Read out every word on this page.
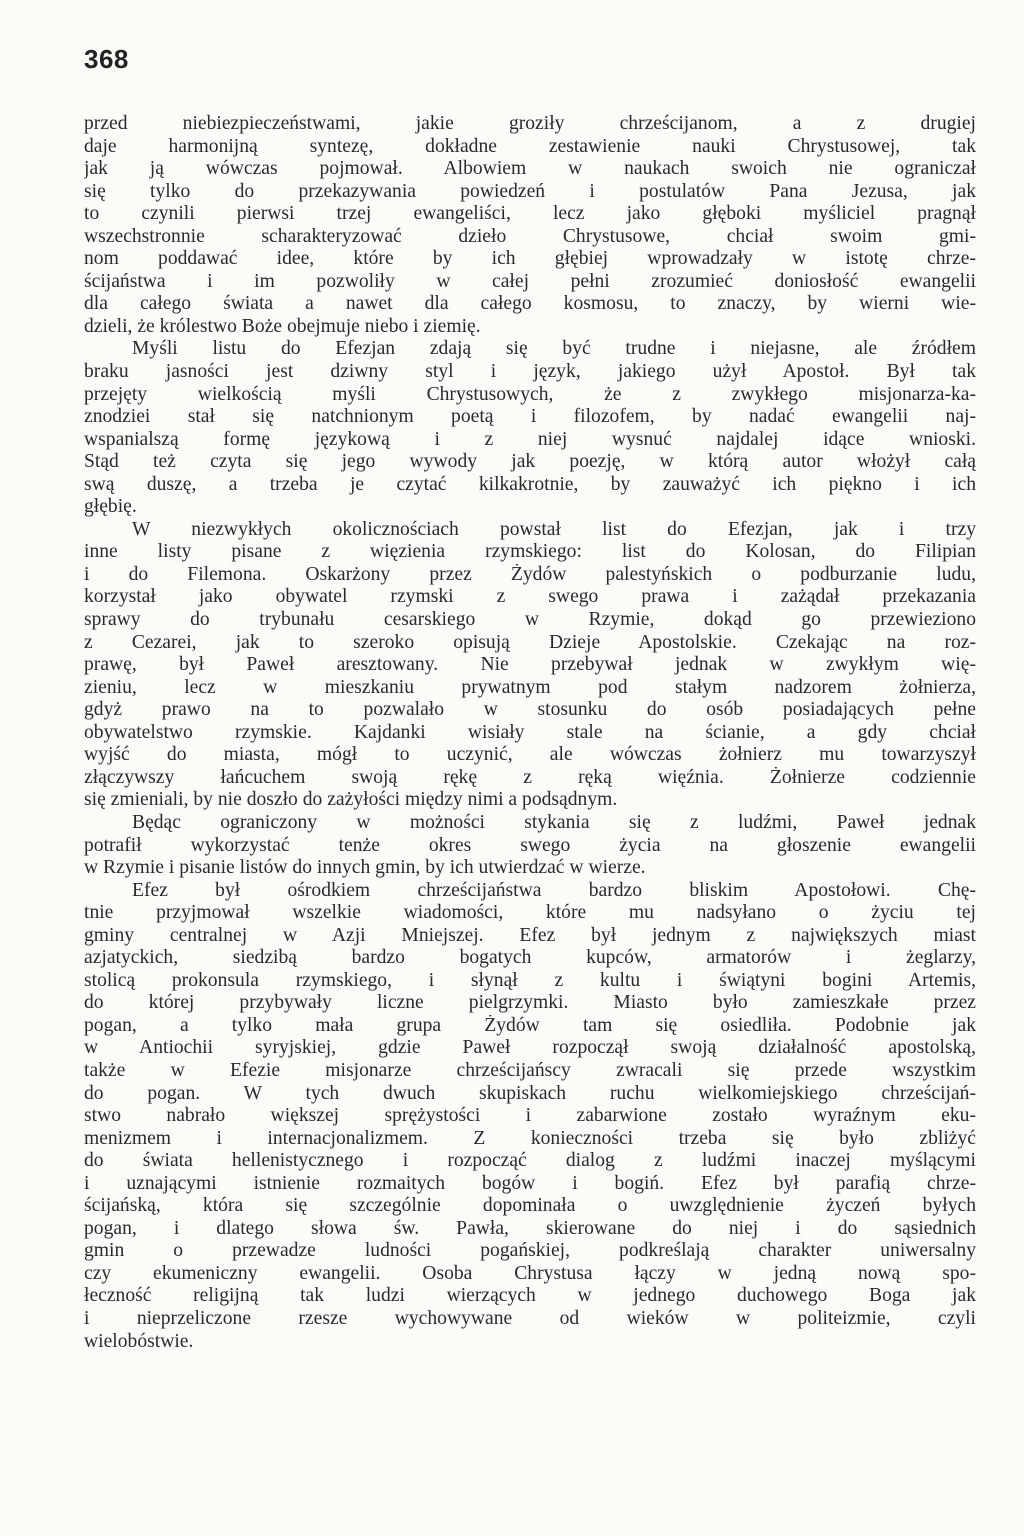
368
przed niebiezpieczeństwami, jakie groziły chrześcijanom, a z drugiej
daje harmonijną syntezę, dokładne zestawienie nauki Chrystusowej, tak
jak ją wówczas pojmował. Albowiem w naukach swoich nie ograniczał
się tylko do przekazywania powiedzeń i postulatów Pana Jezusa, jak
to czynili pierwsi trzej ewangeliści, lecz jako głęboki myśliciel pragnął
wszechstronnie scharakteryzować dzieło Chrystusowe, chciał swoim gmi-
nom poddawać idee, które by ich głębiej wprowadzały w istotę chrze-
ścijaństwa i im pozwoliły w całej pełni zrozumieć doniosłość ewangelii
dla całego świata a nawet dla całego kosmosu, to znaczy, by wierni wie-
dzieli, że królestwo Boże obejmuje niebo i ziemię.
Myśli listu do Efezjan zdają się być trudne i niejasne, ale źródłem
braku jasności jest dziwny styl i język, jakiego użył Apostoł. Był tak
przejęty wielkością myśli Chrystusowych, że z zwykłego misjonarza-ka-
znodziei stał się natchnionym poetą i filozofem, by nadać ewangelii naj-
wspanialszą formę językową i z niej wysnuć najdalej idące wnioski.
Stąd też czyta się jego wywody jak poezję, w którą autor włożył całą
swą duszę, a trzeba je czytać kilkakrotnie, by zauważyć ich piękno i ich
głębię.
W niezwykłych okolicznościach powstał list do Efezjan, jak i trzy
inne listy pisane z więzienia rzymskiego: list do Kolosan, do Filipian
i do Filemona. Oskarżony przez Żydów palestyńskich o podburzanie ludu,
korzystał jako obywatel rzymski z swego prawa i zażądał przekazania
sprawy do trybunału cesarskiego w Rzymie, dokąd go przewieziono
z Cezarei, jak to szeroko opisują Dzieje Apostolskie. Czekając na roz-
prawę, był Paweł aresztowany. Nie przebywał jednak w zwykłym wię-
zieniu, lecz w mieszkaniu prywatnym pod stałym nadzorem żołnierza,
gdyż prawo na to pozwalało w stosunku do osób posiadających pełne
obywatelstwo rzymskie. Kajdanki wisiały stale na ścianie, a gdy chciał
wyjść do miasta, mógł to uczynić, ale wówczas żołnierz mu towarzyszył
złączywszy łańcuchem swoją rękę z ręką więźnia. Żołnierze codziennie
się zmieniali, by nie doszło do zażyłości między nimi a podsądnym.
Będąc ograniczony w możności stykania się z ludźmi, Paweł jednak
potrafił wykorzystać tenże okres swego życia na głoszenie ewangelii
w Rzymie i pisanie listów do innych gmin, by ich utwierdzać w wierze.
Efez był ośrodkiem chrześcijaństwa bardzo bliskim Apostołowi. Chę-
tnie przyjmował wszelkie wiadomości, które mu nadsyłano o życiu tej
gminy centralnej w Azji Mniejszej. Efez był jednym z największych miast
azjatyckich, siedzibą bardzo bogatych kupców, armatorów i żeglarzy,
stolicą prokonsula rzymskiego, i słynął z kultu i świątyni bogini Artemis,
do której przybywały liczne pielgrzymki. Miasto było zamieszkałe przez
pogan, a tylko mała grupa Żydów tam się osiedliła. Podobnie jak
w Antiochii syryjskiej, gdzie Paweł rozpoczął swoją działalność apostolską,
także w Efezie misjonarze chrześcijańscy zwracali się przede wszystkim
do pogan. W tych dwuch skupiskach ruchu wielkomiejskiego chrześcijań-
stwo nabrało większej sprężystości i zabarwione zostało wyraźnym eku-
menizmem i internacjonalizmem. Z konieczności trzeba się było zbliżyć
do świata hellenistycznego i rozpocząć dialog z ludźmi inaczej myślącymi
i uznającymi istnienie rozmaitych bogów i bogiń. Efez był parafią chrze-
ścijańską, która się szczególnie dopominała o uwzględnienie życzeń byłych
pogan, i dlatego słowa św. Pawła, skierowane do niej i do sąsiednich
gmin o przewadze ludności pogańskiej, podkreślają charakter uniwersalny
czy ekumeniczny ewangelii. Osoba Chrystusa łączy w jedną nową spo-
łeczność religijną tak ludzi wierzących w jednego duchowego Boga jak
i nieprzeliczone rzesze wychowywane od wieków w politeizmie, czyli
wielobóstwie.
